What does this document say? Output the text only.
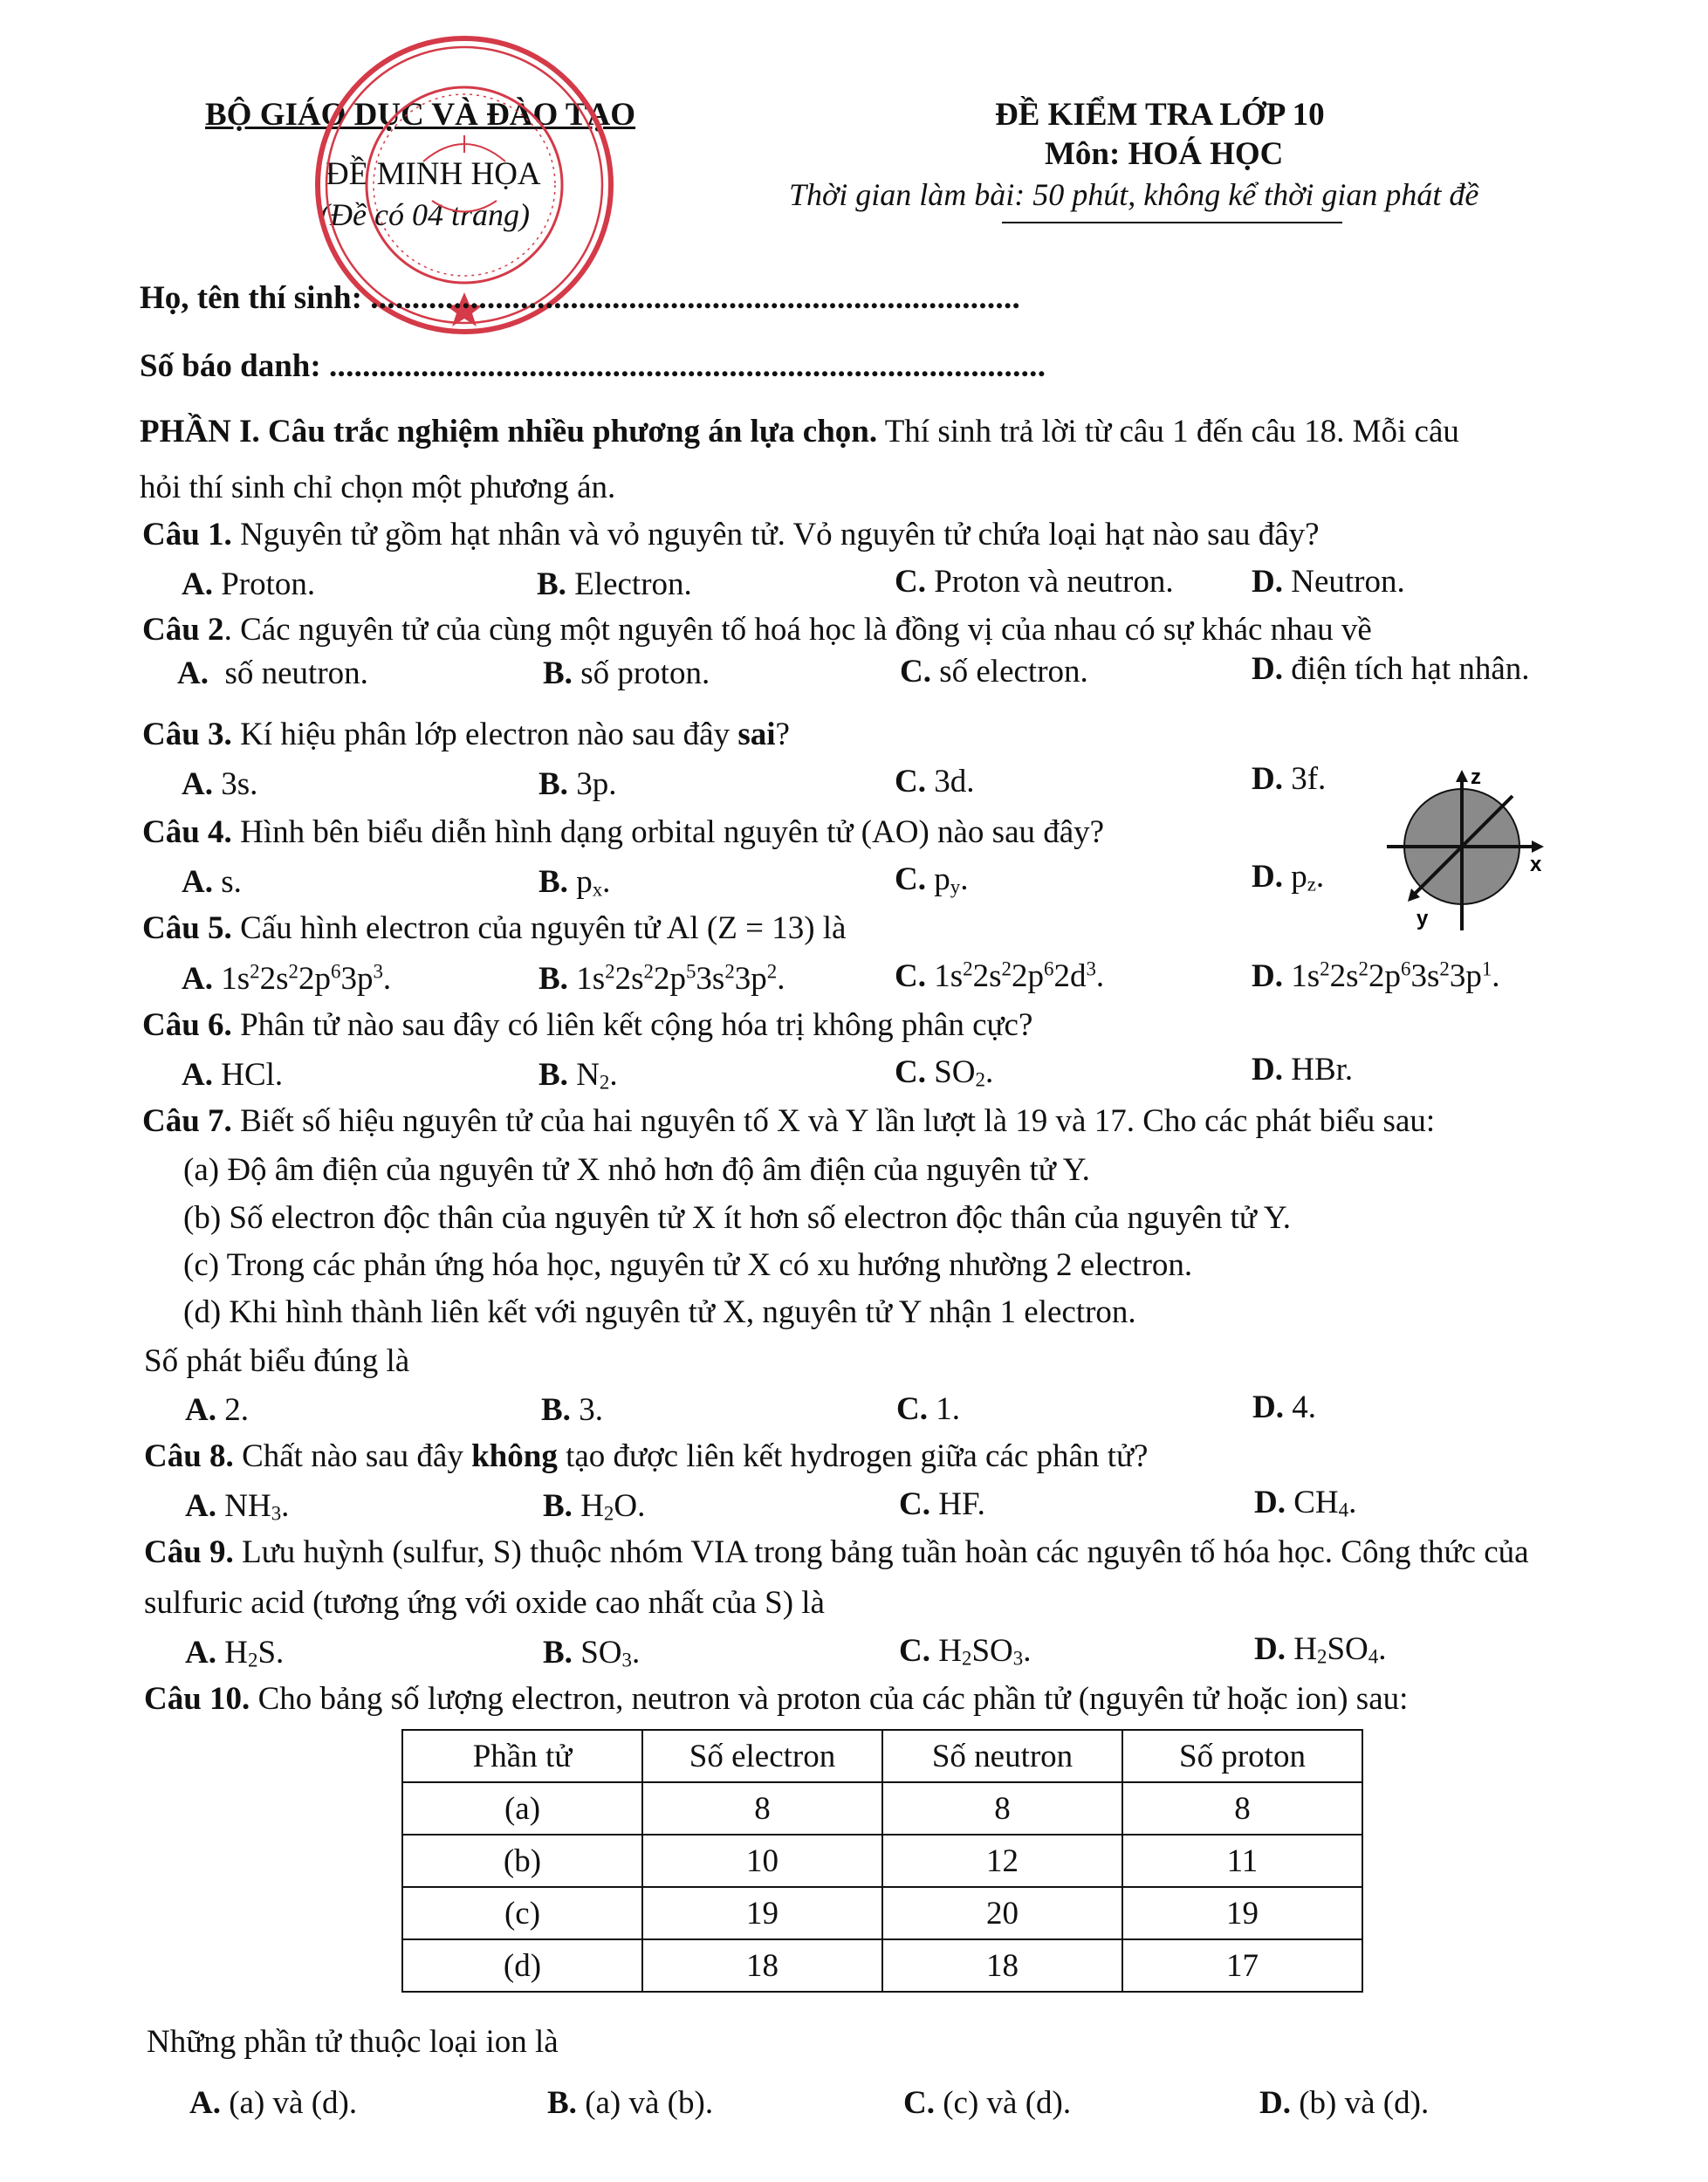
BỘ GIÁO DỤC VÀ ĐÀO TẠO
ĐỀ MINH HỌA
(Đề có 04 trang)
ĐỀ KIỂM TRA LỚP 10
Môn: HOÁ HỌC
Thời gian làm bài: 50 phút, không kể thời gian phát đề
Họ, tên thí sinh: ..............................................................................
Số báo danh: ......................................................................................
PHẦN I. Câu trắc nghiệm nhiều phương án lựa chọn. Thí sinh trả lời từ câu 1 đến câu 18. Mỗi câu
hỏi thí sinh chỉ chọn một phương án.
Câu 1. Nguyên tử gồm hạt nhân và vỏ nguyên tử. Vỏ nguyên tử chứa loại hạt nào sau đây?
A. Proton.	B. Electron.	C. Proton và neutron. D. Neutron.
Câu 2. Các nguyên tử của cùng một nguyên tố hoá học là đồng vị của nhau có sự khác nhau về
A. số neutron.	B. số proton.	C. số electron.	D. điện tích hạt nhân.
Câu 3. Kí hiệu phân lớp electron nào sau đây sai?
A. 3s.	B. 3p.	C. 3d.	D. 3f.
Câu 4. Hình bên biểu diễn hình dạng orbital nguyên tử (AO) nào sau đây?
A. s.	B. $p_x$.	C. $p_y$.	D. $p_z$.
z
x
y
Câu 5. Cấu hình electron của nguyên tử Al (Z = 13) là
A. $1s^22s^22p^63p^3$.	B. $1s^22s^22p^53s^23p^2$.	C. $1s^22s^22p^62d^3$.	D. $1s^22s^22p^63s^23p^1$.
Câu 6. Phân tử nào sau đây có liên kết cộng hóa trị không phân cực?
A. HCl.	B. $N_2$.	C. $SO_2$.	D. HBr.
Câu 7. Biết số hiệu nguyên tử của hai nguyên tố X và Y lần lượt là 19 và 17. Cho các phát biểu sau:
(a) Độ âm điện của nguyên tử X nhỏ hơn độ âm điện của nguyên tử Y.
(b) Số electron độc thân của nguyên tử X ít hơn số electron độc thân của nguyên tử Y.
(c) Trong các phản ứng hóa học, nguyên tử X có xu hướng nhường 2 electron.
(d) Khi hình thành liên kết với nguyên tử X, nguyên tử Y nhận 1 electron.
Số phát biểu đúng là
A. 2.	B. 3.	C. 1.	D. 4.
Câu 8. Chất nào sau đây không tạo được liên kết hydrogen giữa các phân tử?
A. $NH_3$.	B. $H_2O$.	C. HF.	D. $CH_4$.
Câu 9. Lưu huỳnh (sulfur, S) thuộc nhóm VIA trong bảng tuần hoàn các nguyên tố hóa học. Công thức của
sulfuric acid (tương ứng với oxide cao nhất của S) là
A. $H_2S$.	B. $SO_3$.	C. $H_2SO_3$.	D. $H_2SO_4$.
Câu 10. Cho bảng số lượng electron, neutron và proton của các phần tử (nguyên tử hoặc ion) sau:
Phần tử	Số electron	Số neutron	Số proton
(a)	8	8	8
(b)	10	12	11
(c)	19	20	19
(d)	18	18	17
Những phần tử thuộc loại ion là
A. (a) và (d).	B. (a) và (b).	C. (c) và (d).	D. (b) và (d).
